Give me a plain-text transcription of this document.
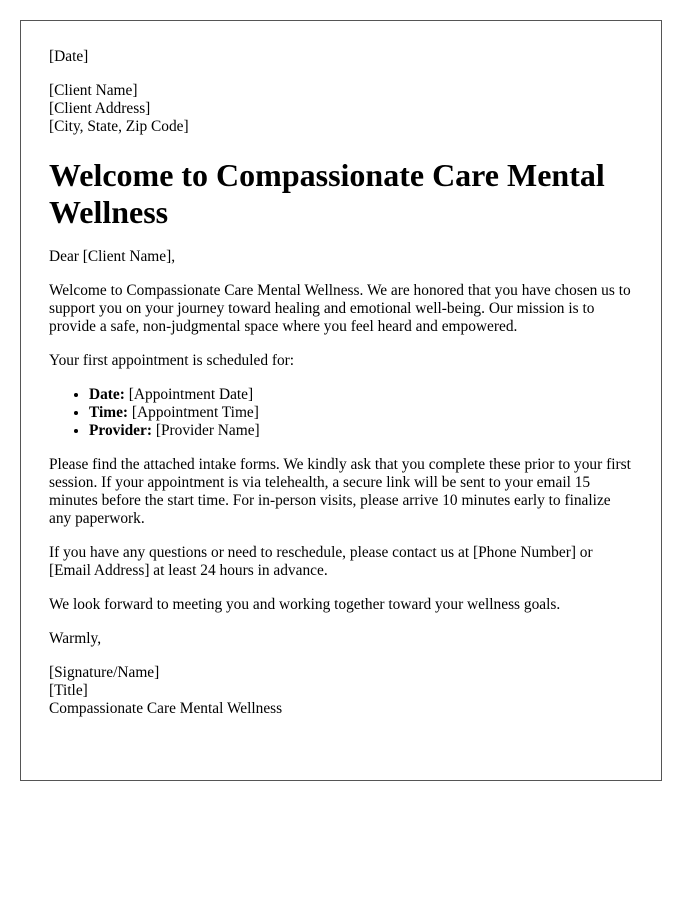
[Date]
[Client Name]
[Client Address]
[City, State, Zip Code]
Welcome to Compassionate Care Mental Wellness

Dear [Client Name],

Welcome to Compassionate Care Mental Wellness. We are honored that you have chosen us to support you on your journey toward healing and emotional well-being. Our mission is to provide a safe, non-judgmental space where you feel heard and empowered.

Your first appointment is scheduled for:

• Date: [Appointment Date]
• Time: [Appointment Time]
• Provider: [Provider Name]

Please find the attached intake forms. We kindly ask that you complete these prior to your first session. If your appointment is via telehealth, a secure link will be sent to your email 15 minutes before the start time. For in-person visits, please arrive 10 minutes early to finalize any paperwork.

If you have any questions or need to reschedule, please contact us at [Phone Number] or [Email Address] at least 24 hours in advance.

We look forward to meeting you and working together toward your wellness goals.

Warmly,

[Signature/Name]
[Title]
Compassionate Care Mental Wellness
